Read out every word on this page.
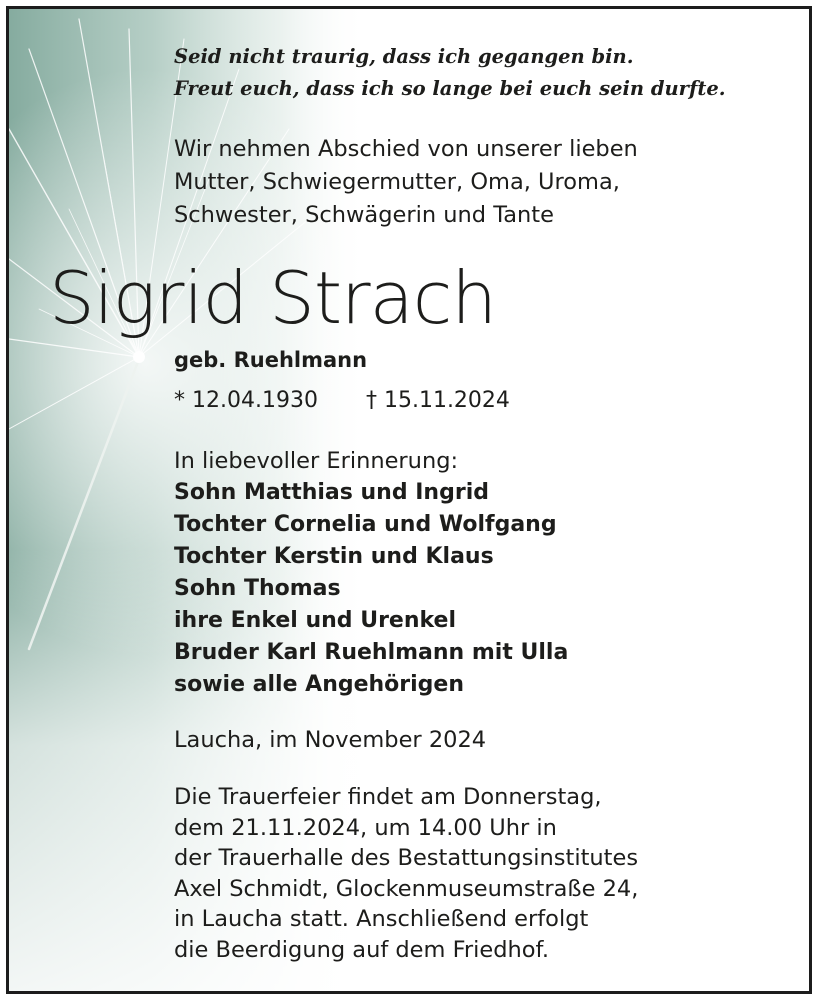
Seid nicht traurig, dass ich gegangen bin.
Freut euch, dass ich so lange bei euch sein durfte.

Wir nehmen Abschied von unserer lieben
Mutter, Schwiegermutter, Oma, Uroma,
Schwester, Schwägerin und Tante

Sigrid Strach

geb. Ruehlmann

* 12.04.1930 † 15.11.2024

In liebevoller Erinnerung:

Sohn Matthias und Ingrid
Tochter Cornelia und Wolfgang
Tochter Kerstin und Klaus
Sohn Thomas
ihre Enkel und Urenkel
Bruder Karl Ruehlmann mit Ulla
sowie alle Angehörigen

Laucha, im November 2024

Die Trauerfeier findet am Donnerstag,
dem 21.11.2024, um 14.00 Uhr in
der Trauerhalle des Bestattungsinstitutes
Axel Schmidt, Glockenmuseumstraße 24,
in Laucha statt. Anschließend erfolgt
die Beerdigung auf dem Friedhof.
